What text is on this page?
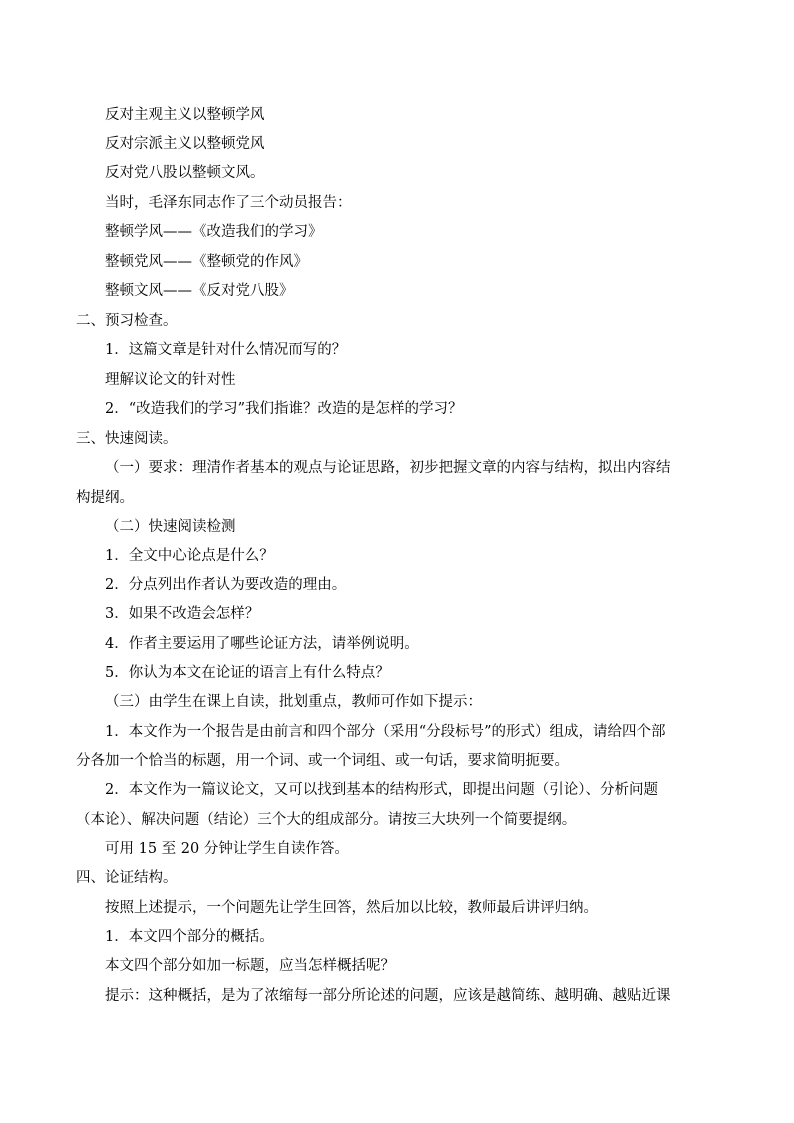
反对主观主义以整顿学风
反对宗派主义以整顿党风
反对党八股以整顿文风。
当时，毛泽东同志作了三个动员报告：
整顿学风——《改造我们的学习》
整顿党风——《整顿党的作风》
整顿文风——《反对党八股》
二、预习检查。
1．这篇文章是针对什么情况而写的？
理解议论文的针对性
2．“改造我们的学习”我们指谁？改造的是怎样的学习？
三、快速阅读。
（一）要求：理清作者基本的观点与论证思路，初步把握文章的内容与结构，拟出内容结
构提纲。
（二）快速阅读检测
1．全文中心论点是什么？
2．分点列出作者认为要改造的理由。
3．如果不改造会怎样？
4．作者主要运用了哪些论证方法，请举例说明。
5．你认为本文在论证的语言上有什么特点？
（三）由学生在课上自读，批划重点，教师可作如下提示：
1．本文作为一个报告是由前言和四个部分（采用“分段标号”的形式）组成，请给四个部
分各加一个恰当的标题，用一个词、或一个词组、或一句话，要求简明扼要。
2．本文作为一篇议论文，又可以找到基本的结构形式，即提出问题（引论）、分析问题
（本论）、解决问题（结论）三个大的组成部分。请按三大块列一个简要提纲。
可用 15 至 20 分钟让学生自读作答。
四、论证结构。
按照上述提示，一个问题先让学生回答，然后加以比较，教师最后讲评归纳。
1．本文四个部分的概括。
本文四个部分如加一标题，应当怎样概括呢？
提示：这种概括，是为了浓缩每一部分所论述的问题，应该是越简练、越明确、越贴近课
